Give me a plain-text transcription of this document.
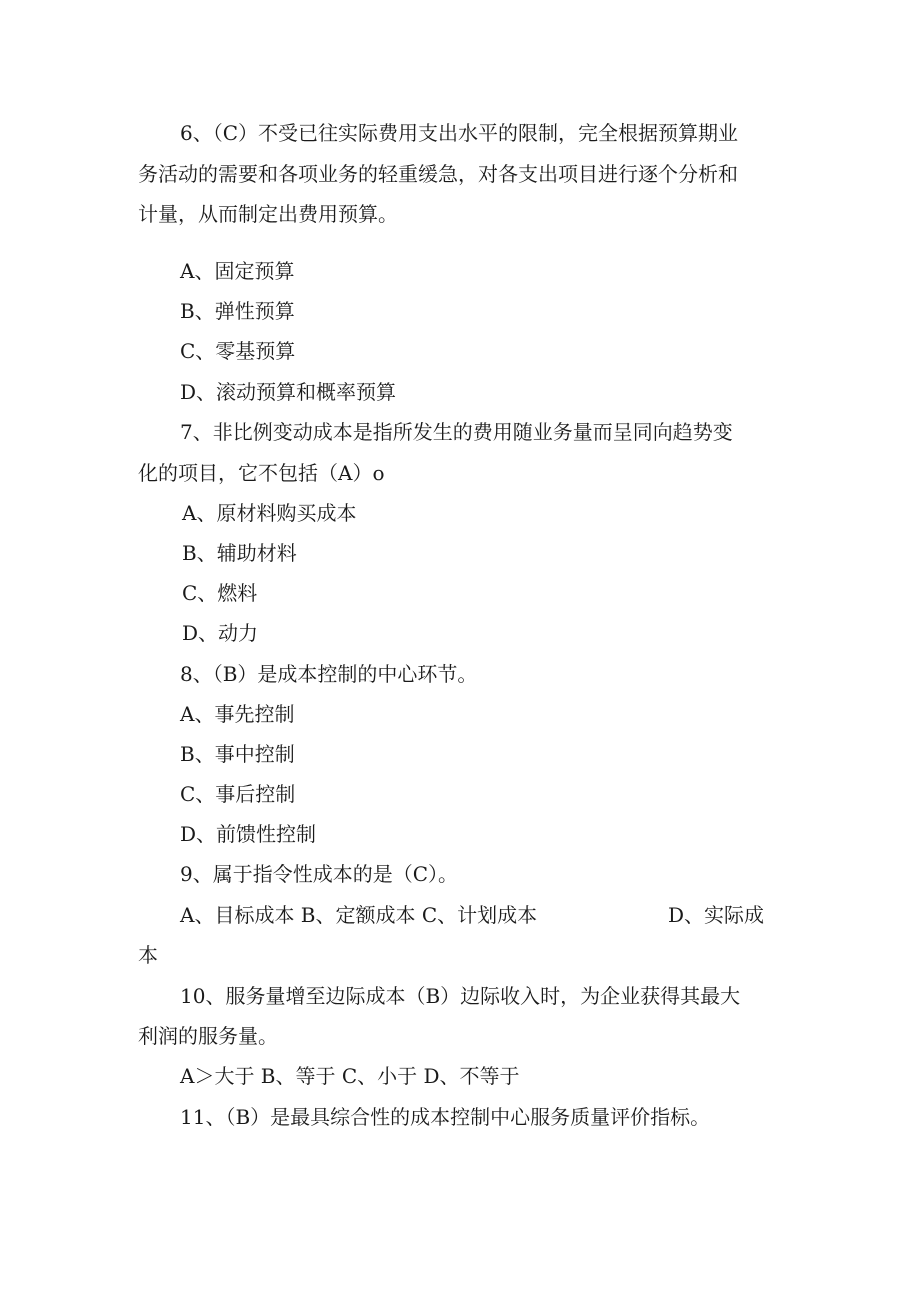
6、（C）不受已往实际费用支出水平的限制，完全根据预算期业
务活动的需要和各项业务的轻重缓急，对各支出项目进行逐个分析和
计量，从而制定出费用预算。
A、固定预算
B、弹性预算
C、零基预算
D、滚动预算和概率预算
7、非比例变动成本是指所发生的费用随业务量而呈同向趋势变
化的项目，它不包括（A）o
A、原材料购买成本
B、辅助材料
C、燃料
D、动力
8、（B）是成本控制的中心环节。
A、事先控制
B、事中控制
C、事后控制
D、前馈性控制
9、属于指令性成本的是（C）。
A、目标成本 B、定额成本 C、计划成本	D、实际成
本
10、服务量增至边际成本（B）边际收入时，为企业获得其最大
利润的服务量。
A＞大于 B、等于 C、小于 D、不等于
11、（B）是最具综合性的成本控制中心服务质量评价指标。
